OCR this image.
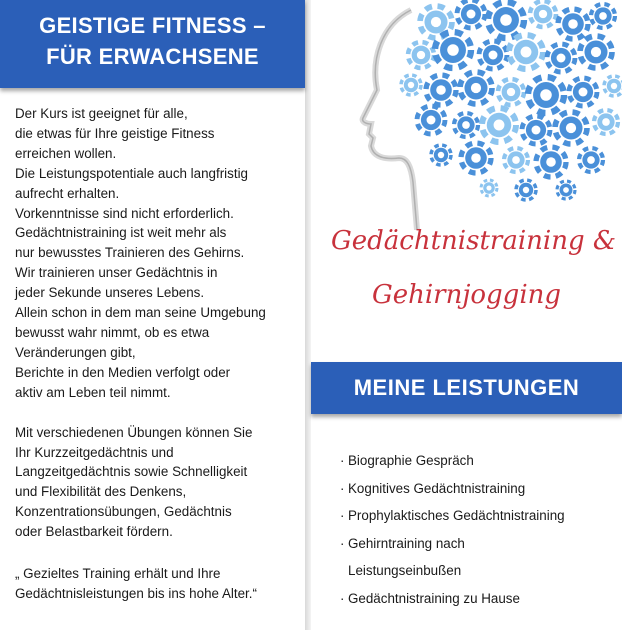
GEISTIGE FITNESS –
FÜR ERWACHSENE

Der Kurs ist geeignet für alle,

die etwas für Ihre geistige Fitness

erreichen wollen.

Die Leistungspotentiale auch langfristig

aufrecht erhalten.

Vorkenntnisse sind nicht erforderlich.

Gedächtnistraining ist weit mehr als

nur bewusstes Trainieren des Gehirns.

Wir trainieren unser Gedächtnis in

jeder Sekunde unseres Lebens.

Allein schon in dem man seine Umgebung

bewusst wahr nimmt, ob es etwa

Veränderungen gibt,

Berichte in den Medien verfolgt oder

aktiv am Leben teil nimmt.

Mit verschiedenen Übungen können Sie

Ihr Kurzzeitgedächtnis und

Langzeitgedächtnis sowie Schnelligkeit

und Flexibilität des Denkens,

Konzentrationsübungen, Gedächtnis

oder Belastbarkeit fördern.

„ Gezieltes Training erhält und Ihre

Gedächtnisleistungen bis ins hohe Alter.“

Gedächtnistraining &
Gehirnjogging
MEINE LEISTUNGEN
· Biographie Gespräch
· Kognitives Gedächtnistraining
· Prophylaktisches Gedächtnistraining
· Gehirntraining nach
Leistungseinbußen
· Gedächtnistraining zu Hause
